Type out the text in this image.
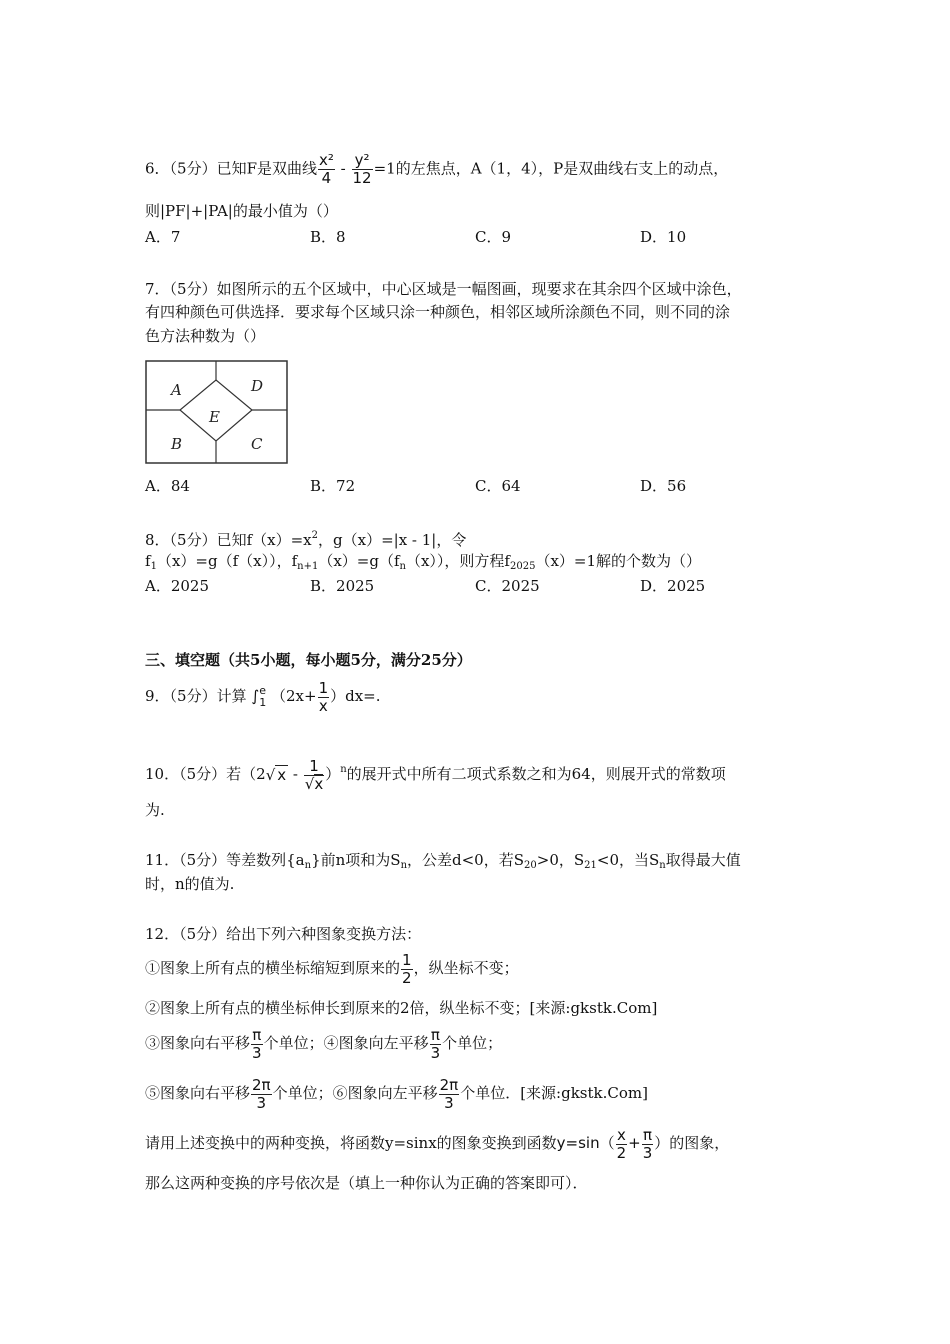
6．（5分）已知F是双曲线 $\frac{\text{x²}}{4} - \frac{\text{y²}}{12} =1$的左焦点，A（1，4），P是双曲线右支上的动点，
则|PF|+|PA|的最小值为（）
A．7	B．8	C．9	D．10
7．（5分）如图所示的五个区域中，中心区域是一幅图画，现要求在其余四个区域中涂色，
有四种颜色可供选择．要求每个区域只涂一种颜色，相邻区域所涂颜色不同，则不同的涂
色方法种数为（）
A	D
E
B	C
A．84	B．72	C．64	D．56
8．（5分）已知$f(x)=x^2$，g（x）=|x - 1|，令
$f_1(x)=g(f(x))$，$f_{n+1}(x)=g(f_n(x))$，则方程$f_{2025}(x)=1$解的个数为（）
A．2025	B．2025	C．2025	D．2025
三、填空题（共5小题，每小题5分，满分25分）
9．（5分）计算 ∫ e
1 $(2x+ \frac{1}{x} )dx=$.
10．（5分）若（2√ x - $\frac{1}{√x} )^n$的展开式中所有二项式系数之和为64，则展开式的常数项
为.
11．（5分）等差数列$\{a_n\}$前n项和为$S_n$，公差d<0，若$S_{20}>0$，$S_{21}<0$，当$S_n$取得最大值
时，n的值为.
12．（5分）给出下列六种图象变换方法：
①图象上所有点的横坐标缩短到原来的 $\frac{1}{2}$ ，纵坐标不变；
②图象上所有点的横坐标伸长到原来的2倍，纵坐标不变；[来源:gkstk.Com]
③图象向右平移 $\frac{\pi}{3}$ 个单位；④图象向左平移 $\frac{\pi}{3}$ 个单位；
⑤图象向右平移 $\frac{2\pi}{3}$ 个单位；⑥图象向左平移 $\frac{2\pi}{3}$ 个单位．[来源:gkstk.Com]
请用上述变换中的两种变换，将函数y=sinx的图象变换到函数$y=\sin( \frac{x}{2} + \frac{\pi}{3}$ ）的图象，
那么这两种变换的序号依次是（填上一种你认为正确的答案即可）．
